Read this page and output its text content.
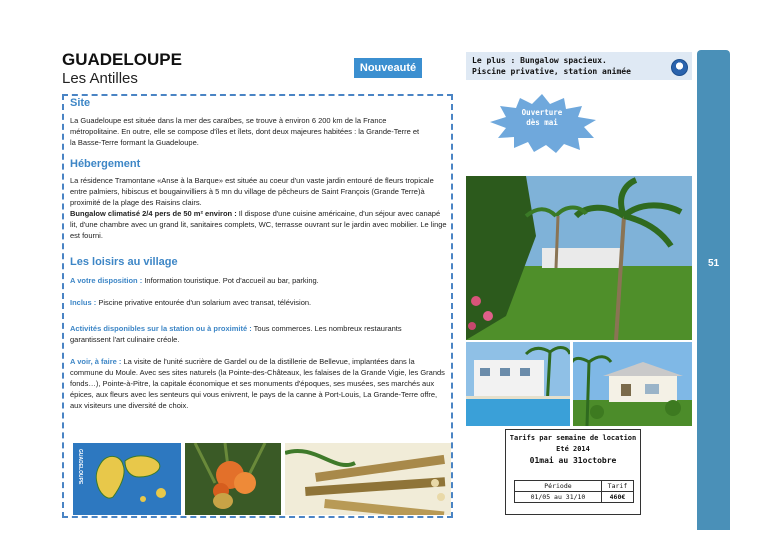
GUADELOUPE
Les Antilles
Nouveauté
Le plus : Bungalow spacieux.
Piscine privative, station animée
51
Ouverture
dès mai
Site
La Guadeloupe est située dans la mer des caraïbes, se trouve à environ 6 200 km de la France métropolitaine. En outre, elle se compose d'îles et îlets, dont deux majeures habitées : la Grande-Terre et la Basse-Terre formant la Guadeloupe.
Hébergement
La résidence Tramontane «Anse à la Barque» est située au coeur d'un vaste jardin entouré de fleurs tropicale entre palmiers, hibiscus et bougainvilliers à 5 mn du village de pêcheurs de Saint François (Grande Terre)à proximité de la plage des Raisins clairs.
Bungalow climatisé 2/4 pers de 50 m² environ : Il dispose d'une cuisine américaine, d'un séjour avec canapé lit, d'une chambre avec un grand lit, sanitaires complets, WC, terrasse ouvrant sur le jardin avec mobilier. Le linge est fourni.
Les loisirs au village
A votre disposition : Information touristique. Pot d'accueil au bar, parking.
Inclus : Piscine privative entourée d'un solarium avec transat, télévision.
Activités disponibles sur la station ou à proximité : Tous commerces. Les nombreux restaurants garantissent l'art culinaire créole.
A voir, à faire : La visite de l'unité sucrière de Gardel ou de la distillerie de Bellevue, implantées dans la commune du Moule. Avec ses sites naturels (la Pointe-des-Châteaux, les falaises de la Grande Vigie, les Grands fonds…), Pointe-à-Pitre, la capitale économique et ses monuments d'époques, ses musées, ses marchés aux épices, aux fleurs avec les senteurs qui vous enivrent, le pays de la canne à Port-Louis, La Grande-Terre offre, aux visiteurs une diversité de choix.
GUADELOUPE
Tarifs par semaine de location
Eté 2014
01mai au 31octobre
Période	Tarif
01/05 au 31/10	460€
